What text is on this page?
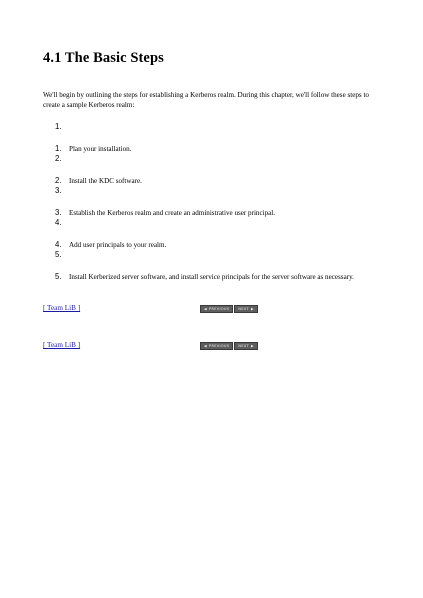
4.1 The Basic Steps

We'll begin by outlining the steps for establishing a Kerberos realm. During this chapter, we'll follow these steps to create a sample Kerberos realm:

1.
1.
2.
2.
3.
3.
4.
4.
5.
5.
Plan your installation.
Install the KDC software.
Establish the Kerberos realm and create an administrative user principal.
Add user principals to your realm.
Install Kerberized server software, and install service principals for the server software as necessary.
[ Team LiB ]	◀ PREVIOUS	NEXT ▶
[ Team LiB ]	◀ PREVIOUS	NEXT ▶
